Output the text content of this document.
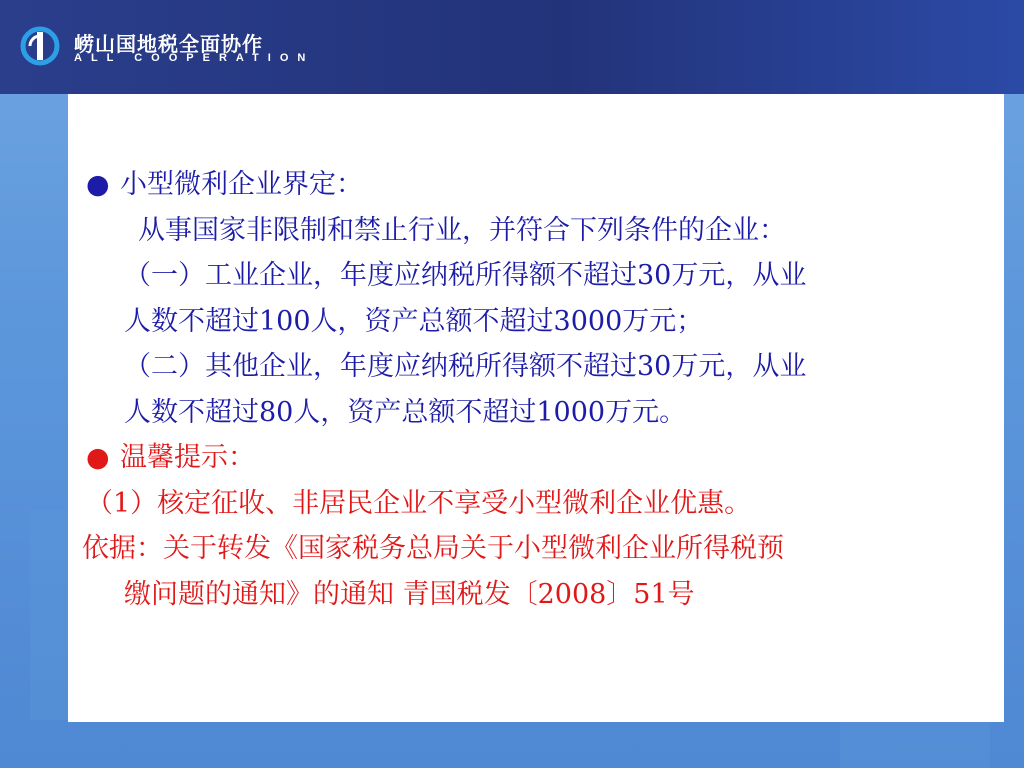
崂山国地税全面协作
ALL COOPERATION
● 小型微利企业界定：
从事国家非限制和禁止行业，并符合下列条件的企业：
（一）工业企业，年度应纳税所得额不超过30万元，从业
人数不超过100人，资产总额不超过3000万元；
（二）其他企业，年度应纳税所得额不超过30万元，从业
人数不超过80人，资产总额不超过1000万元。
● 温馨提示：
（1）核定征收、非居民企业不享受小型微利企业优惠。
依据：关于转发《国家税务总局关于小型微利企业所得税预
缴问题的通知》的通知 青国税发〔2008〕51号
